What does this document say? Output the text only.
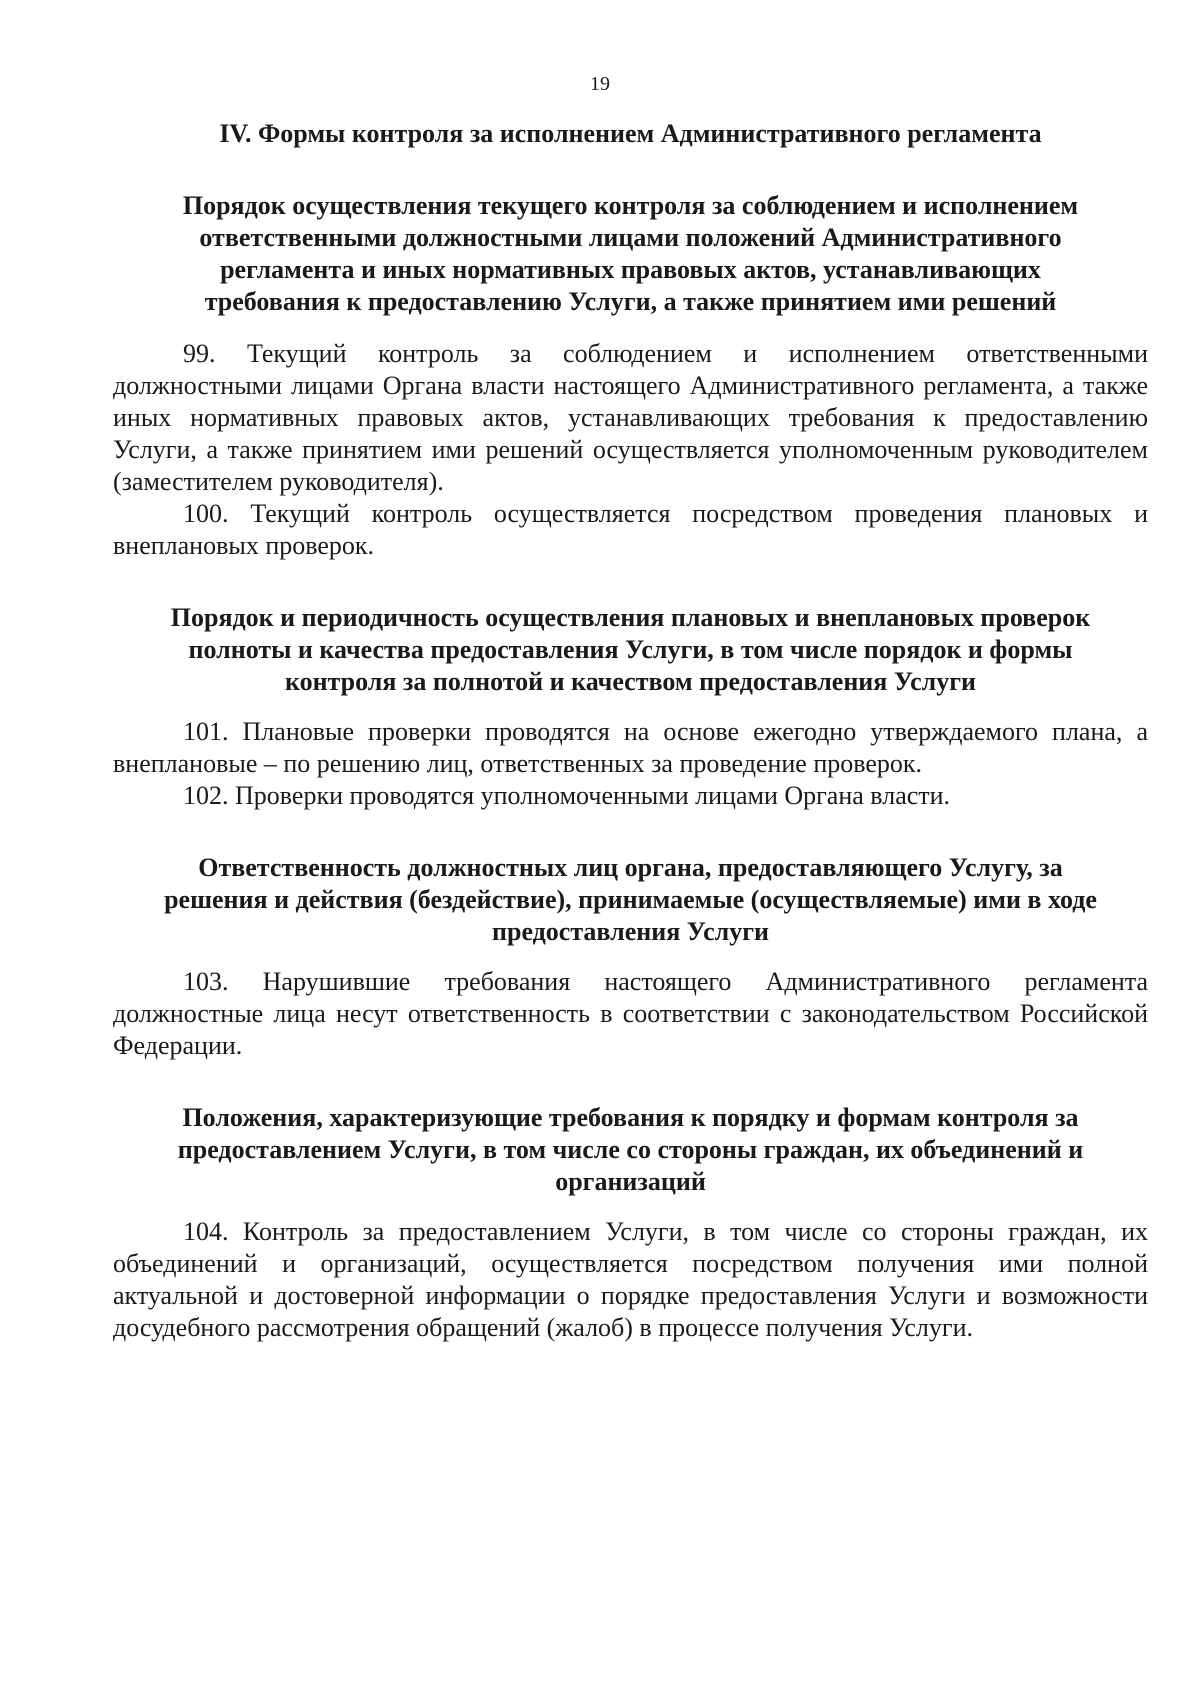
19
IV. Формы контроля за исполнением Административного регламента
Порядок осуществления текущего контроля за соблюдением и исполнением
ответственными должностными лицами положений Административного
регламента и иных нормативных правовых актов, устанавливающих
требования к предоставлению Услуги, а также принятием ими решений

99. Текущий контроль за соблюдением и исполнением ответственными должностными лицами Органа власти настоящего Административного регламента, а также иных нормативных правовых актов, устанавливающих требования к предоставлению Услуги, а также принятием ими решений осуществляется уполномоченным руководителем (заместителем руководителя).

100. Текущий контроль осуществляется посредством проведения плановых и внеплановых проверок.

Порядок и периодичность осуществления плановых и внеплановых проверок
полноты и качества предоставления Услуги, в том числе порядок и формы
контроля за полнотой и качеством предоставления Услуги

101. Плановые проверки проводятся на основе ежегодно утверждаемого плана, а внеплановые – по решению лиц, ответственных за проведение проверок.

102. Проверки проводятся уполномоченными лицами Органа власти.

Ответственность должностных лиц органа, предоставляющего Услугу, за
решения и действия (бездействие), принимаемые (осуществляемые) ими в ходе
предоставления Услуги

103. Нарушившие требования настоящего Административного регламента должностные лица несут ответственность в соответствии с законодательством Российской Федерации.

Положения, характеризующие требования к порядку и формам контроля за
предоставлением Услуги, в том числе со стороны граждан, их объединений и
организаций

104. Контроль за предоставлением Услуги, в том числе со стороны граждан, их объединений и организаций, осуществляется посредством получения ими полной актуальной и достоверной информации о порядке предоставления Услуги и возможности досудебного рассмотрения обращений (жалоб) в процессе получения Услуги.
